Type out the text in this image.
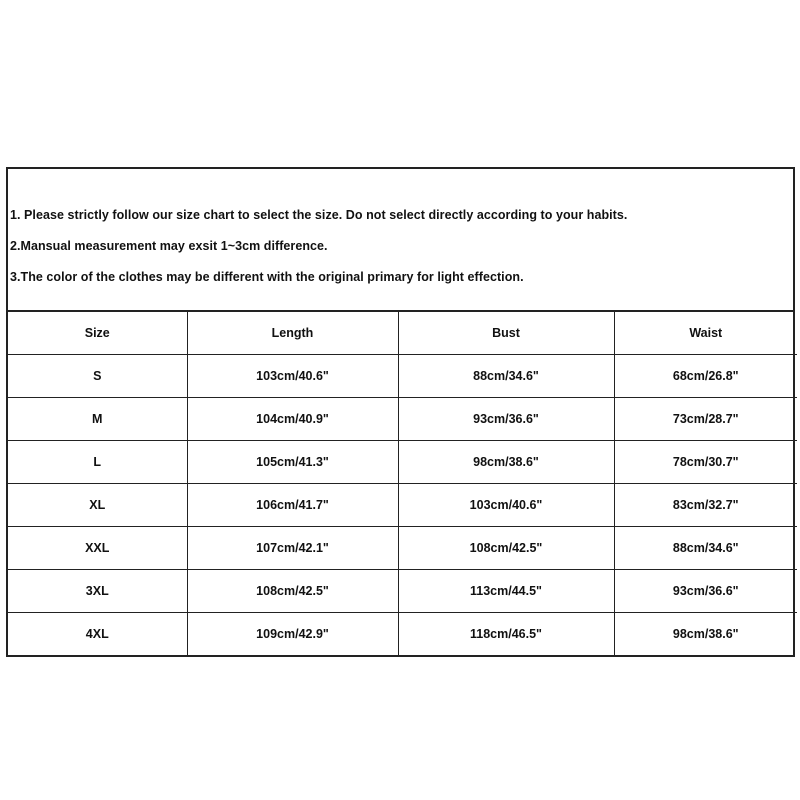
1. Please strictly follow our size chart to select the size. Do not select directly according to your habits.
2.Mansual measurement may exsit 1~3cm difference.
3.The color of the clothes may be different with the original primary for light effection.
Size	Length	Bust	Waist
S	103cm/40.6"	88cm/34.6"	68cm/26.8"
M	104cm/40.9"	93cm/36.6"	73cm/28.7"
L	105cm/41.3"	98cm/38.6"	78cm/30.7"
XL	106cm/41.7"	103cm/40.6"	83cm/32.7"
XXL	107cm/42.1"	108cm/42.5"	88cm/34.6"
3XL	108cm/42.5"	113cm/44.5"	93cm/36.6"
4XL	109cm/42.9"	118cm/46.5"	98cm/38.6"
